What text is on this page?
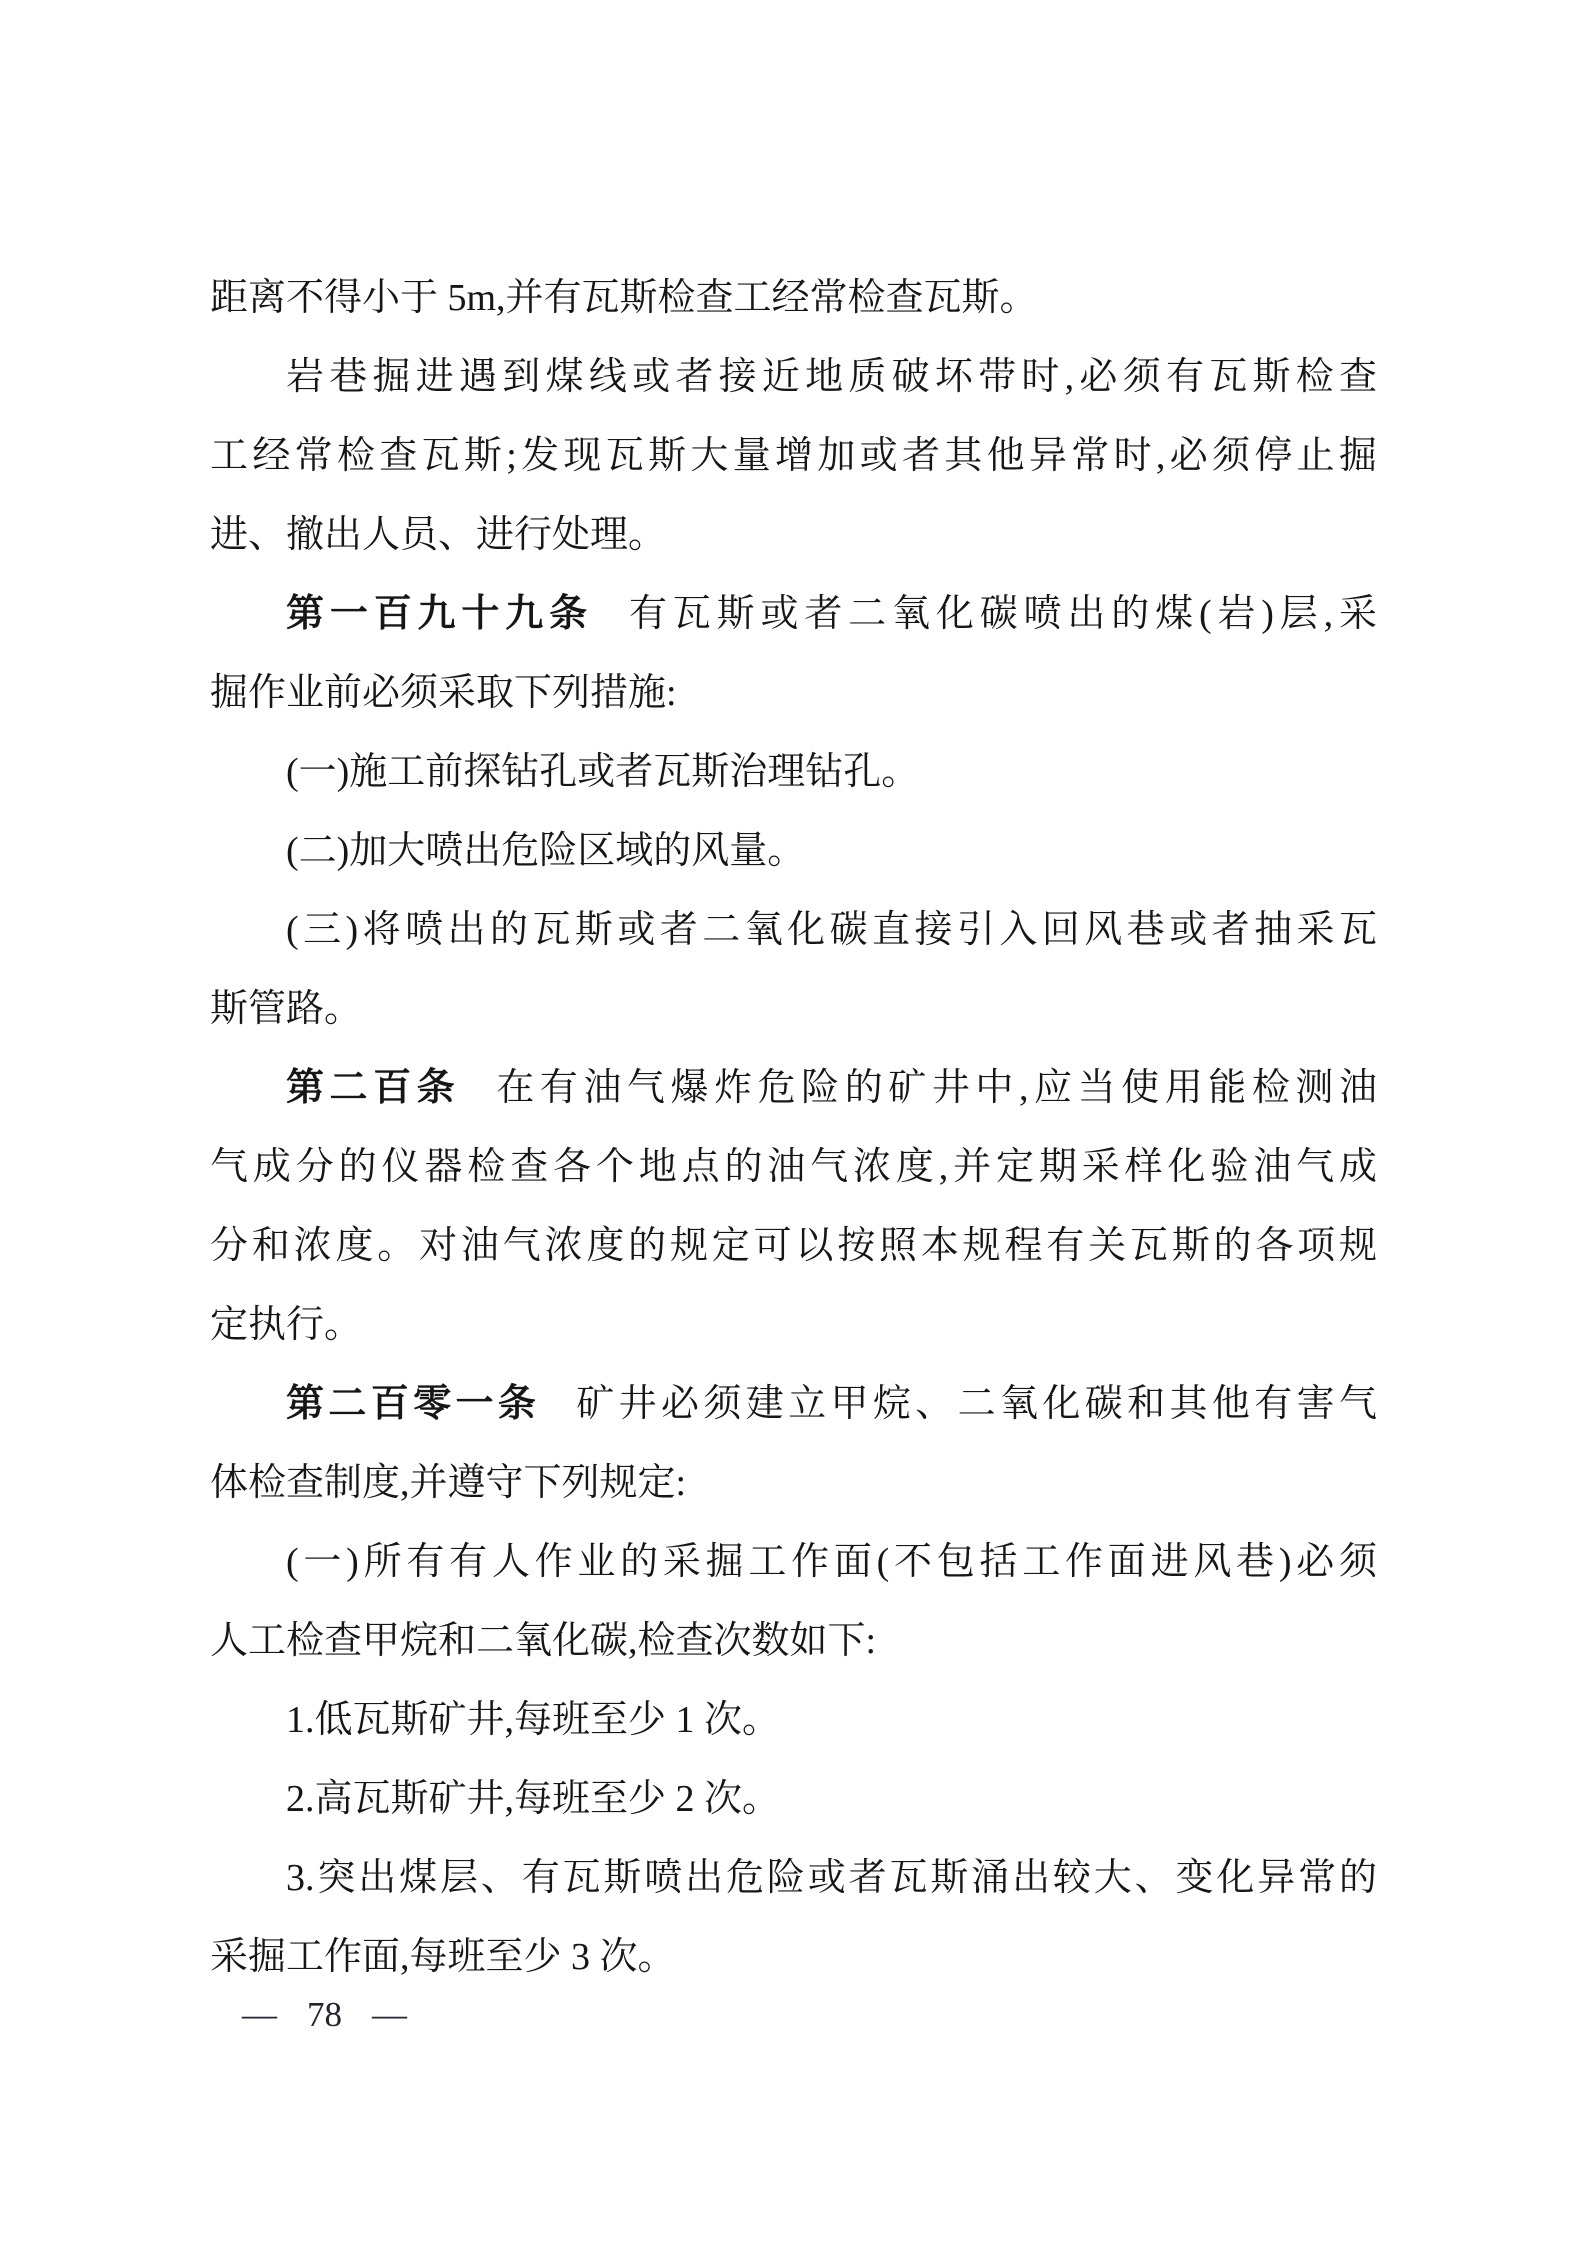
距离不得小于 5m,并有瓦斯检查工经常检查瓦斯。
岩巷掘进遇到煤线或者接近地质破坏带时,必须有瓦斯检查
工经常检查瓦斯;发现瓦斯大量增加或者其他异常时,必须停止掘
进、撤出人员、进行处理。
第一百九十九条 有瓦斯或者二氧化碳喷出的煤(岩)层,采
掘作业前必须采取下列措施:
(一)施工前探钻孔或者瓦斯治理钻孔。
(二)加大喷出危险区域的风量。
(三)将喷出的瓦斯或者二氧化碳直接引入回风巷或者抽采瓦
斯管路。
第二百条 在有油气爆炸危险的矿井中,应当使用能检测油
气成分的仪器检查各个地点的油气浓度,并定期采样化验油气成
分和浓度。对油气浓度的规定可以按照本规程有关瓦斯的各项规
定执行。
第二百零一条 矿井必须建立甲烷、二氧化碳和其他有害气
体检查制度,并遵守下列规定:
(一)所有有人作业的采掘工作面(不包括工作面进风巷)必须
人工检查甲烷和二氧化碳,检查次数如下:
1.低瓦斯矿井,每班至少 1 次。
2.高瓦斯矿井,每班至少 2 次。
3.突出煤层、有瓦斯喷出危险或者瓦斯涌出较大、变化异常的
采掘工作面,每班至少 3 次。
— 78 —
